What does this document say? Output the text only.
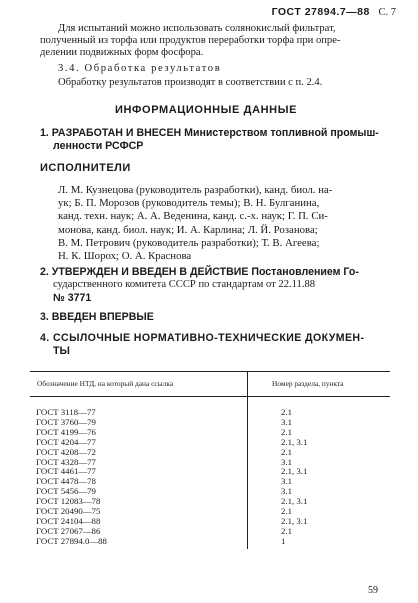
ГОСТ 27894.7—88 С. 7
Для испытаний можно использовать солянокислый фильтрат,
полученный из торфа или продуктов переработки торфа при опре-
делении подвижных форм фосфора.
3.4. Обработка результатов
Обработку результатов производят в соответствии с п. 2.4.
ИНФОРМАЦИОННЫЕ ДАННЫЕ
1. РАЗРАБОТАН И ВНЕСЕН Министерством топливной промыш-
ленности РСФСР
ИСПОЛНИТЕЛИ
Л. М. Кузнецова (руководитель разработки), канд. биол. на-
ук; Б. П. Морозов (руководитель темы); В. Н. Булганина,
канд. техн. наук; А. А. Веденина, канд. с.-х. наук; Г. П. Си-
монова, канд. биол. наук; И. А. Карлина; Л. Й. Розанова;
В. М. Петрович (руководитель разработки); Т. В. Агеева;
Н. К. Шорох; О. А. Краснова
2. УТВЕРЖДЕН И ВВЕДЕН В ДЕЙСТВИЕ Постановлением Го-
сударственного комитета СССР по стандартам от 22.11.88
№ 3771
3. ВВЕДЕН ВПЕРВЫЕ
4. ССЫЛОЧНЫЕ НОРМАТИВНО-ТЕХНИЧЕСКИЕ ДОКУМЕН-
ТЫ
Обозначение НТД, на который дана ссылка	Номер раздела, пункта
ГОСТ 3118—77	2.1
ГОСТ 3760—79	3.1
ГОСТ 4199—76	2.1
ГОСТ 4204—77	2.1, 3.1
ГОСТ 4208—72	2.1
ГОСТ 4328—77	3.1
ГОСТ 4461—77	2.1, 3.1
ГОСТ 4478—78	3.1
ГОСТ 5456—79	3.1
ГОСТ 12083—78	2.1, 3.1
ГОСТ 20490—75	2.1
ГОСТ 24104—88	2.1, 3.1
ГОСТ 27067—86	2.1
ГОСТ 27894.0—88	1
59
